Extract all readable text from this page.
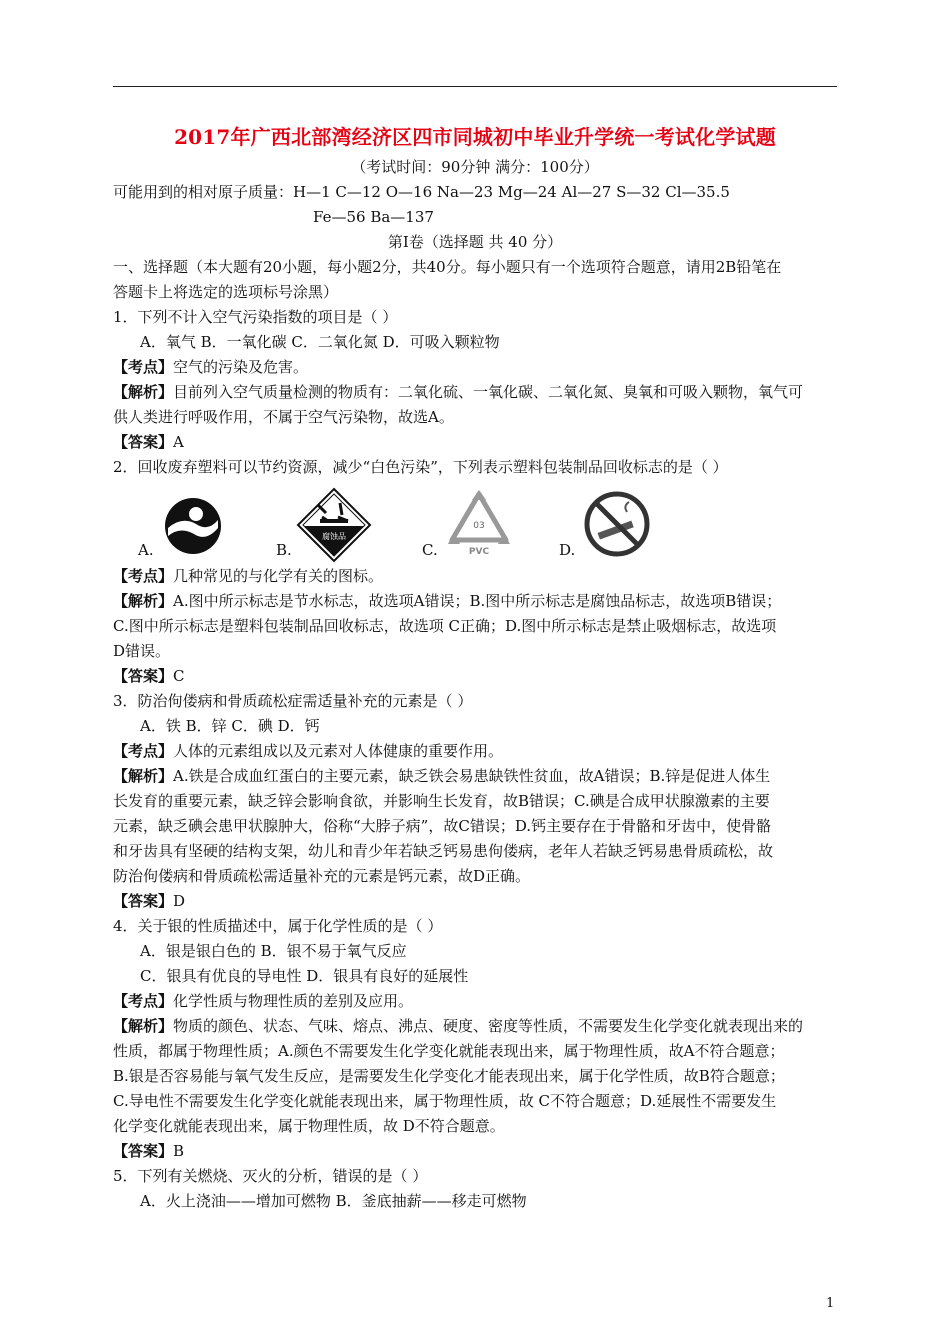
2017年广西北部湾经济区四市同城初中毕业升学统一考试化学试题
（考试时间：90分钟 满分：100分）
可能用到的相对原子质量：H—1 C—12 O—16 Na—23 Mg—24 Al—27 S—32 Cl—35.5
Fe—56 Ba—137
第Ⅰ卷（选择题 共 40 分）
一、选择题（本大题有20小题，每小题2分，共40分。每小题只有一个选项符合题意，请用2B铅笔在
答题卡上将选定的选项标号涂黑）
1．下列不计入空气污染指数的项目是（ ）
A．氧气 B．一氧化碳 C．二氧化氮 D．可吸入颗粒物
【考点】空气的污染及危害。
【解析】目前列入空气质量检测的物质有：二氧化硫、一氧化碳、二氧化氮、臭氧和可吸入颗物，氧气可
供人类进行呼吸作用，不属于空气污染物，故选A。
【答案】A
2．回收废弃塑料可以节约资源，减少“白色污染”，下列表示塑料包装制品回收标志的是（ ）
腐蚀品
03
PVC
A.	B.	C.	D.
【考点】几种常见的与化学有关的图标。
【解析】A.图中所示标志是节水标志，故选项A错误；B.图中所示标志是腐蚀品标志，故选项B错误；
C.图中所示标志是塑料包装制品回收标志，故选项 C正确；D.图中所示标志是禁止吸烟标志，故选项
D错误。
【答案】C
3．防治佝偻病和骨质疏松症需适量补充的元素是（ ）
A．铁 B．锌 C．碘 D．钙
【考点】人体的元素组成以及元素对人体健康的重要作用。
【解析】A.铁是合成血红蛋白的主要元素，缺乏铁会易患缺铁性贫血，故A错误；B.锌是促进人体生
长发育的重要元素，缺乏锌会影响食欲，并影响生长发育，故B错误；C.碘是合成甲状腺激素的主要
元素，缺乏碘会患甲状腺肿大，俗称“大脖子病”，故C错误；D.钙主要存在于骨骼和牙齿中，使骨骼
和牙齿具有坚硬的结构支架，幼儿和青少年若缺乏钙易患佝偻病，老年人若缺乏钙易患骨质疏松，故
防治佝偻病和骨质疏松需适量补充的元素是钙元素，故D正确。
【答案】D
4．关于银的性质描述中，属于化学性质的是（ ）
A．银是银白色的 B．银不易于氧气反应
C．银具有优良的导电性 D．银具有良好的延展性
【考点】化学性质与物理性质的差别及应用。
【解析】物质的颜色、状态、气味、熔点、沸点、硬度、密度等性质，不需要发生化学变化就表现出来的
性质，都属于物理性质；A.颜色不需要发生化学变化就能表现出来，属于物理性质，故A不符合题意；
B.银是否容易能与氧气发生反应，是需要发生化学变化才能表现出来，属于化学性质，故B符合题意；
C.导电性不需要发生化学变化就能表现出来，属于物理性质，故 C不符合题意；D.延展性不需要发生
化学变化就能表现出来，属于物理性质，故 D不符合题意。
【答案】B
5．下列有关燃烧、灭火的分析，错误的是（ ）
A．火上浇油——增加可燃物 B．釜底抽薪——移走可燃物
1
